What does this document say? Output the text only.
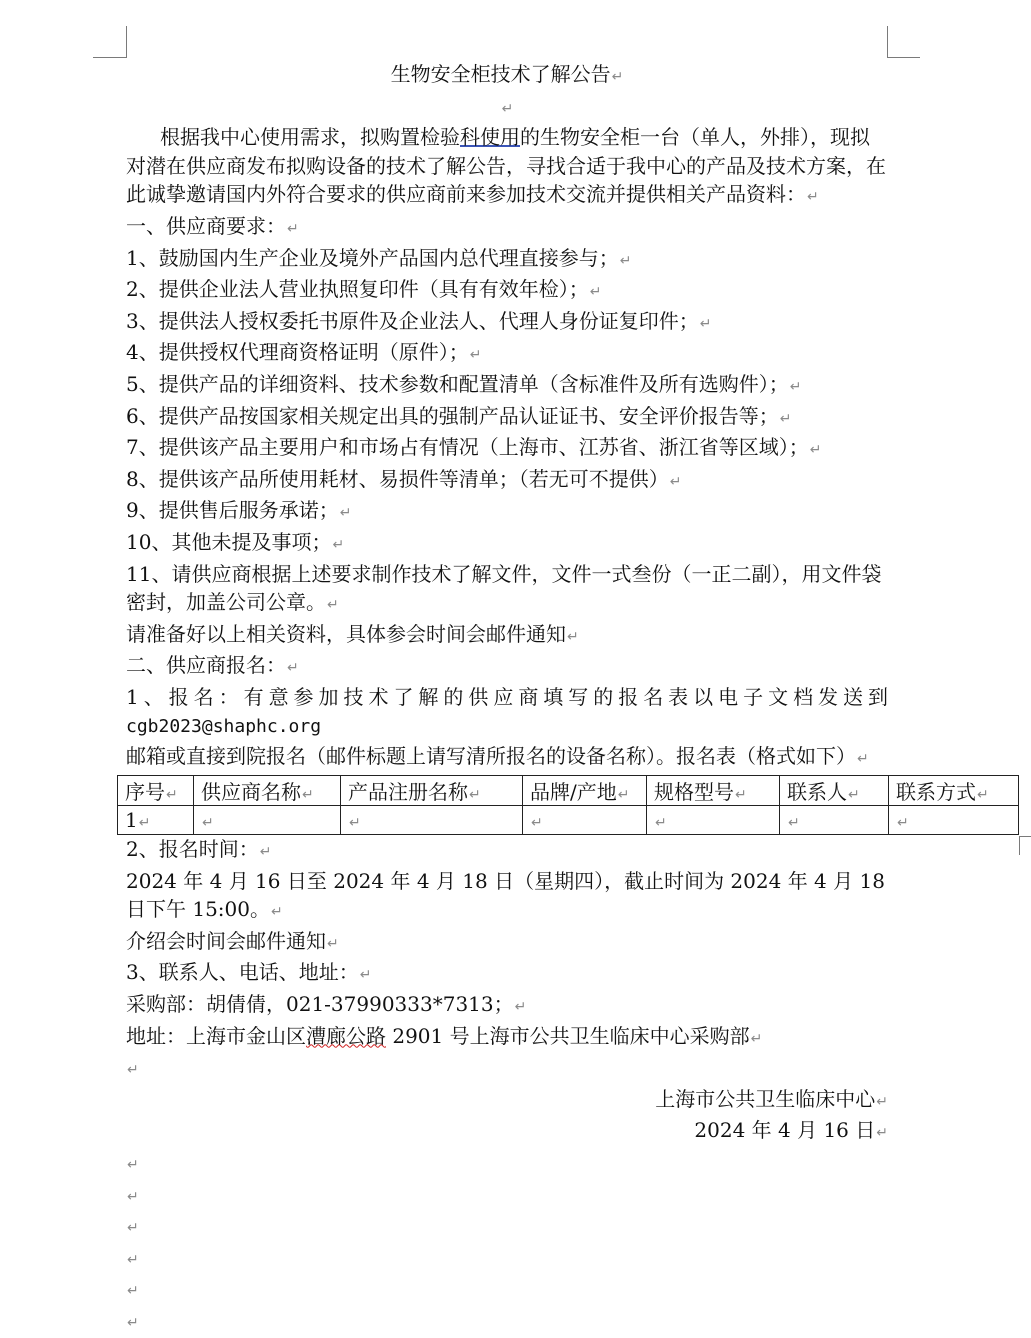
生物安全柜技术了解公告↵

↵

根据我中心使用需求，拟购置检验科使用的生物安全柜一台（单人，外排），现拟对潜在供应商发布拟购设备的技术了解公告，寻找合适于我中心的产品及技术方案，在此诚挚邀请国内外符合要求的供应商前来参加技术交流并提供相关产品资料：↵

一、供应商要求：↵

1、鼓励国内生产企业及境外产品国内总代理直接参与；↵

2、提供企业法人营业执照复印件（具有有效年检）；↵

3、提供法人授权委托书原件及企业法人、代理人身份证复印件；↵

4、提供授权代理商资格证明（原件）；↵

5、提供产品的详细资料、技术参数和配置清单（含标准件及所有选购件）；↵

6、提供产品按国家相关规定出具的强制产品认证证书、安全评价报告等；↵

7、提供该产品主要用户和市场占有情况（上海市、江苏省、浙江省等区域）；↵

8、提供该产品所使用耗材、易损件等清单；（若无可不提供）↵

9、提供售后服务承诺；↵

10、其他未提及事项；↵

11、请供应商根据上述要求制作技术了解文件，文件一式叁份（一正二副），用文件袋密封，加盖公司公章。↵

请准备好以上相关资料，具体参会时间会邮件通知↵

二、供应商报名：↵

1、报名：有意参加技术了解的供应商填写的报名表以电子文档发送到

cgb2023@shaphc.org

邮箱或直接到院报名（邮件标题上请写清所报名的设备名称）。报名表（格式如下）↵

序号↵	供应商名称↵	产品注册名称↵	品牌/产地↵	规格型号↵	联系人↵	联系方式↵
1↵	↵	↵	↵	↵	↵	↵

2、报名时间：↵

2024 年 4 月 16 日至 2024 年 4 月 18 日（星期四），截止时间为 2024 年 4 月 18 日下午 15:00。↵

介绍会时间会邮件通知↵

3、联系人、电话、地址：↵

采购部：胡倩倩，021-37990333*7313；↵

地址：上海市金山区漕廊公路 2901 号上海市公共卫生临床中心采购部↵

↵

上海市公共卫生临床中心↵

2024 年 4 月 16 日↵

↵

↵

↵

↵

↵

↵
